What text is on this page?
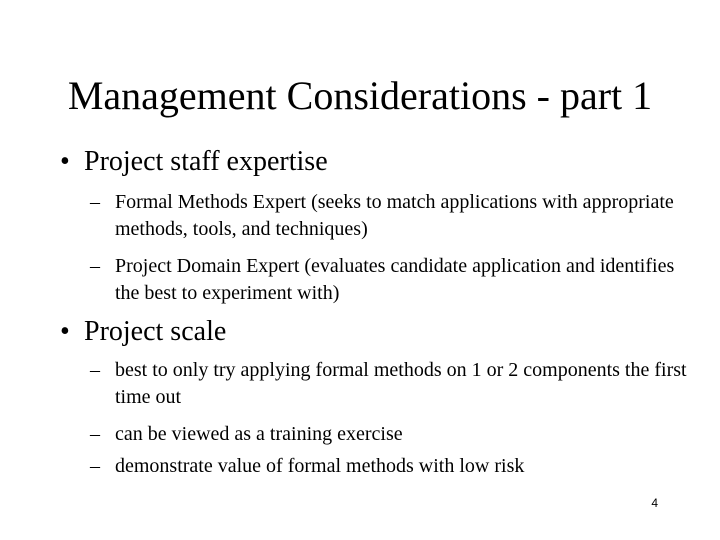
Management Considerations - part 1
• Project staff expertise
– Formal Methods Expert (seeks to match applications with appropriate methods, tools, and techniques)
– Project Domain Expert (evaluates candidate application and identifies the best to experiment with)
• Project scale
– best to only try applying formal methods on 1 or 2 components the first time out
– can be viewed as a training exercise
– demonstrate value of formal methods with low risk
4
